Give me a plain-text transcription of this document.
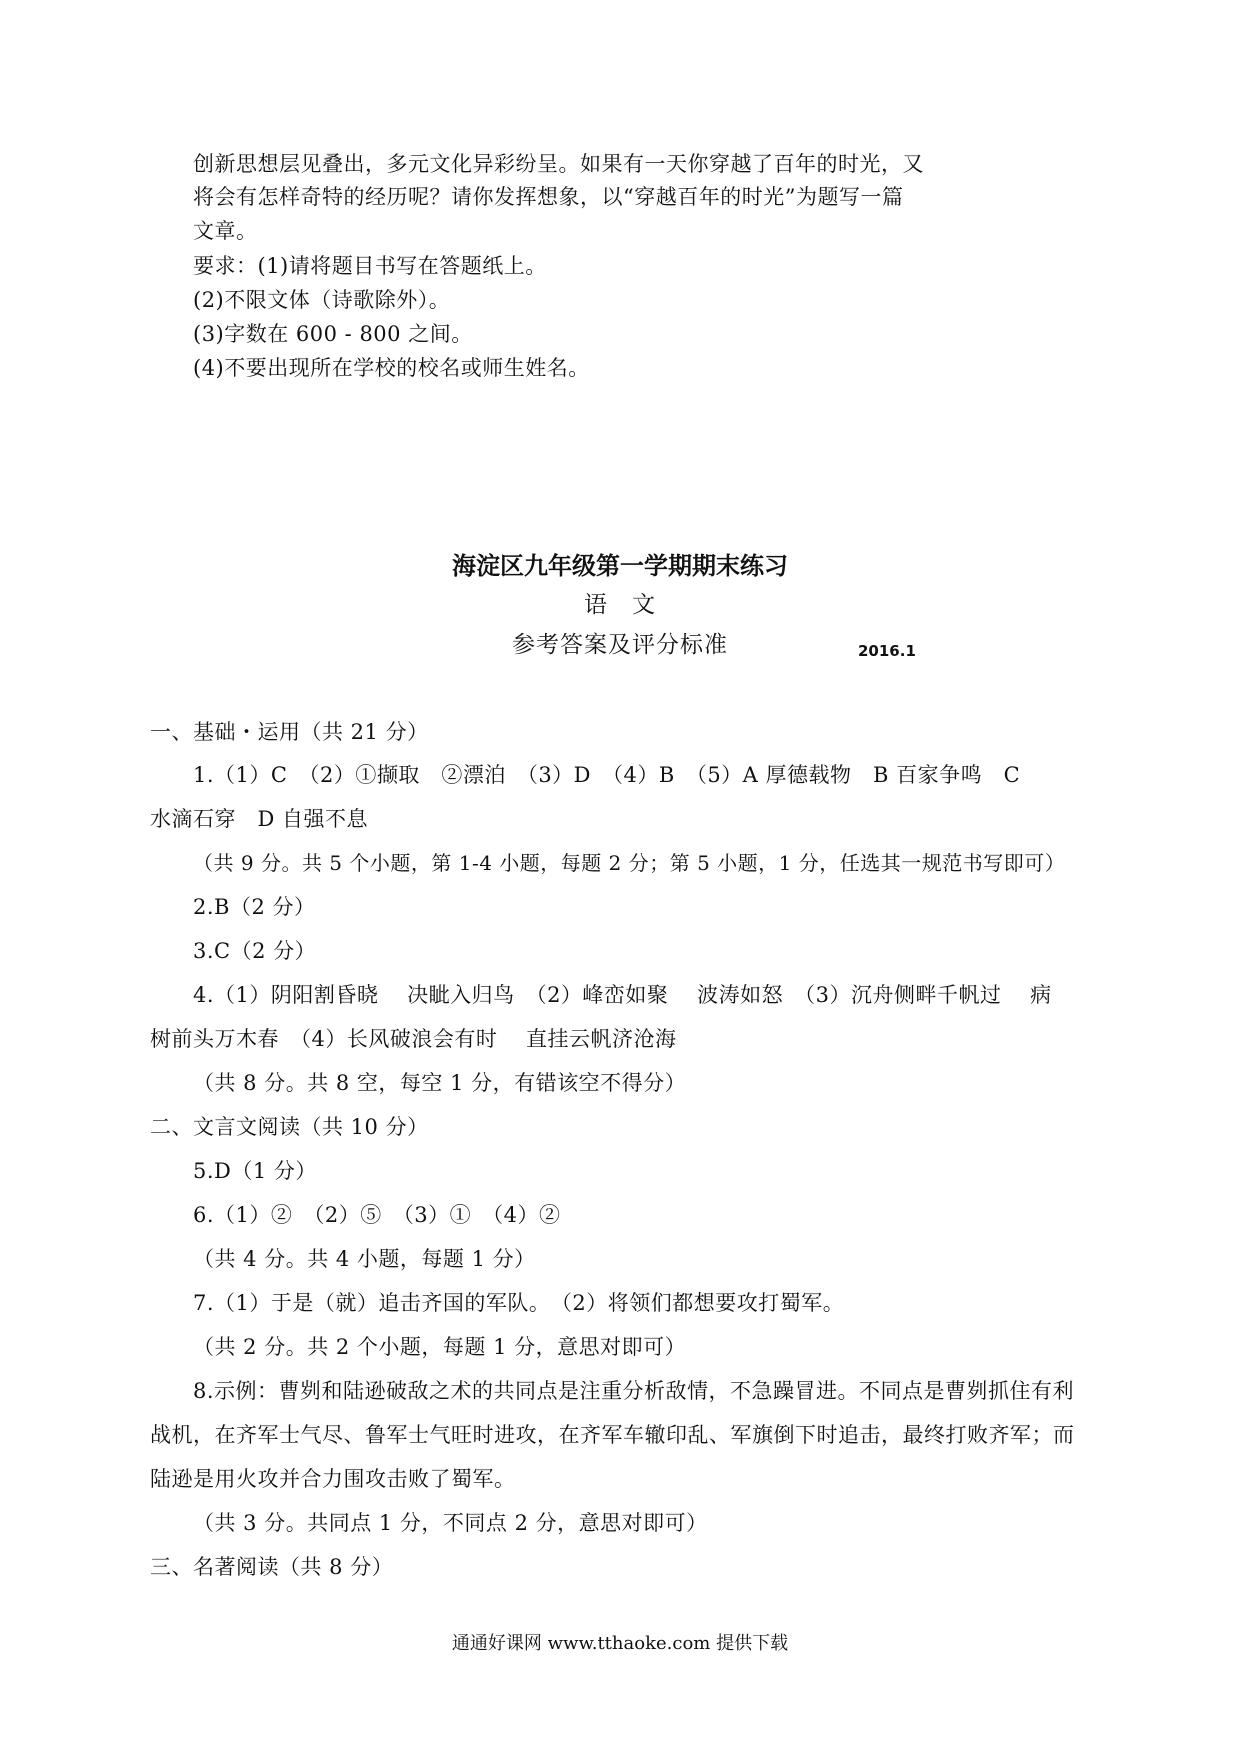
创新思想层见叠出，多元文化异彩纷呈。如果有一天你穿越了百年的时光，又
将会有怎样奇特的经历呢？请你发挥想象，以“穿越百年的时光”为题写一篇
文章。
要求：(1)请将题目书写在答题纸上。
(2)不限文体（诗歌除外）。
(3)字数在 600 - 800 之间。
(4)不要出现所在学校的校名或师生姓名。
海淀区九年级第一学期期末练习
语　文
参考答案及评分标准	2016.1
一、基础・运用（共 21 分）
1.（1）C　（2）①撷取　②漂泊　（3）D　（4）B　（5）A 厚德载物　B 百家争鸣　C
水滴石穿　D 自强不息
（共 9 分。共 5 个小题，第 1-4 小题，每题 2 分；第 5 小题，1 分，任选其一规范书写即可）
2.B（2 分）
3.C（2 分）
4.（1）阴阳割昏晓　 决眦入归鸟　（2）峰峦如聚　 波涛如怒　（3）沉舟侧畔千帆过　 病
树前头万木春　（4）长风破浪会有时　 直挂云帆济沧海
（共 8 分。共 8 空，每空 1 分，有错该空不得分）
二、文言文阅读（共 10 分）
5.D（1 分）
6.（1）②　（2）⑤　（3）①　（4）②
（共 4 分。共 4 小题，每题 1 分）
7.（1）于是（就）追击齐国的军队。　（2）将领们都想要攻打蜀军。
（共 2 分。共 2 个小题，每题 1 分，意思对即可）
8.示例：曹刿和陆逊破敌之术的共同点是注重分析敌情，不急躁冒进。不同点是曹刿抓住有利
战机，在齐军士气尽、鲁军士气旺时进攻，在齐军车辙印乱、军旗倒下时追击，最终打败齐军；而
陆逊是用火攻并合力围攻击败了蜀军。
（共 3 分。共同点 1 分，不同点 2 分，意思对即可）
三、名著阅读（共 8 分）
通通好课网 www.tthaoke.com 提供下载
